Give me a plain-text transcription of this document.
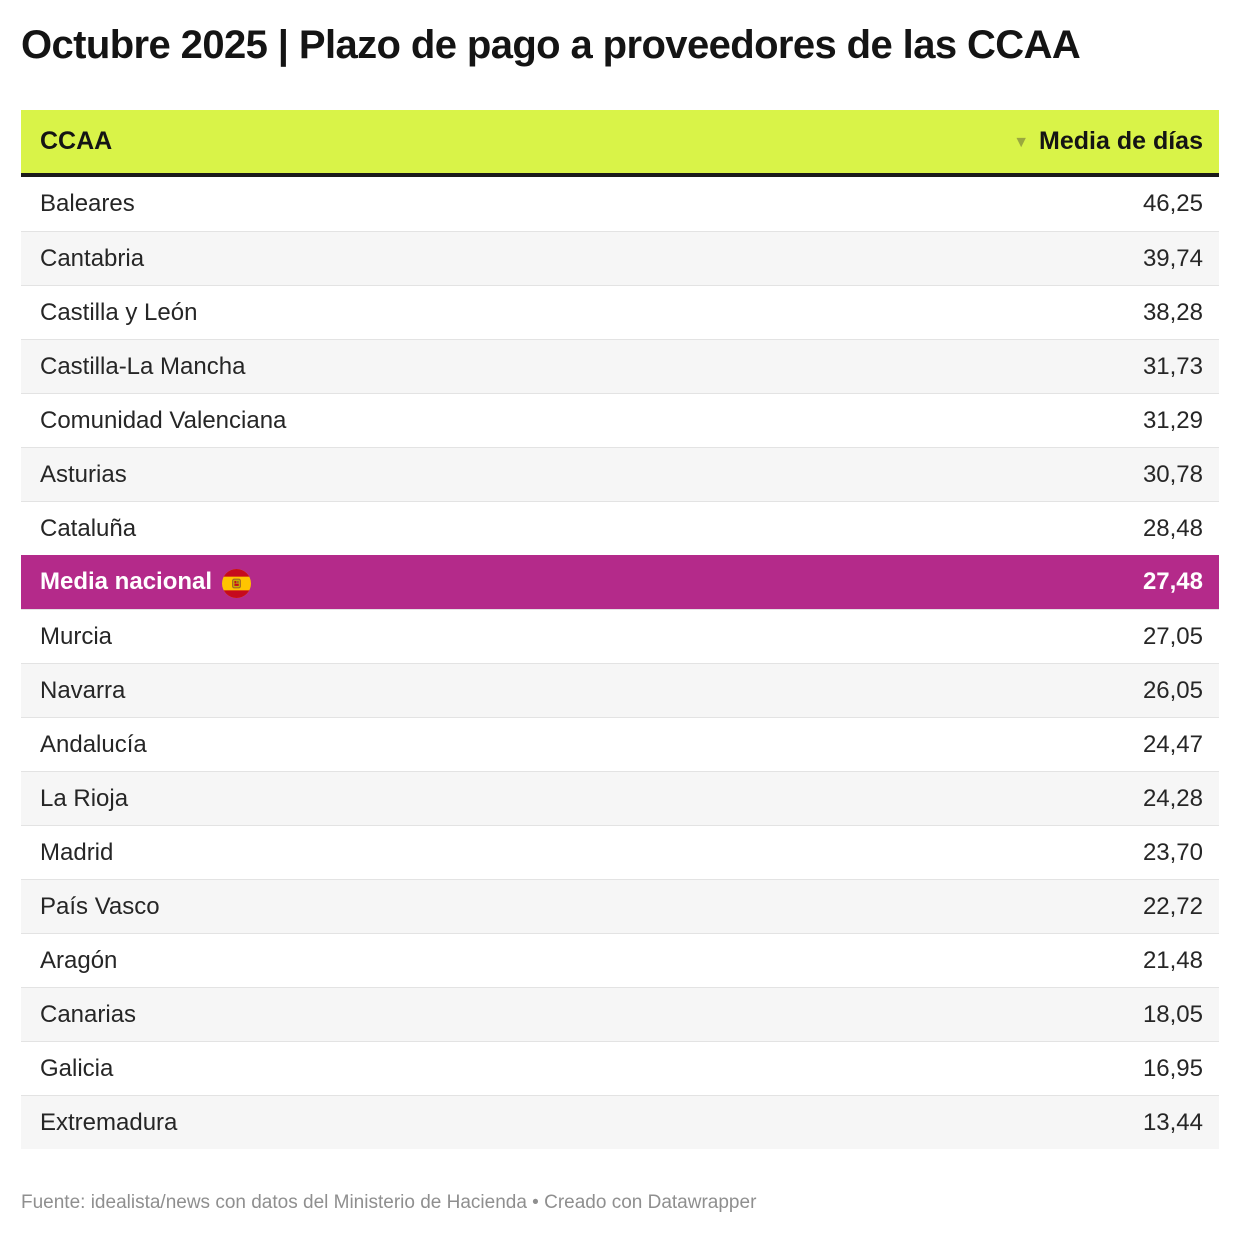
Octubre 2025 | Plazo de pago a proveedores de las CCAA
CCAA	▼ Media de días
Baleares	46,25
Cantabria	39,74
Castilla y León	38,28
Castilla-La Mancha	31,73
Comunidad Valenciana	31,29
Asturias	30,78
Cataluña	28,48
Media nacional	27,48
Murcia	27,05
Navarra	26,05
Andalucía	24,47
La Rioja	24,28
Madrid	23,70
País Vasco	22,72
Aragón	21,48
Canarias	18,05
Galicia	16,95
Extremadura	13,44
Fuente: idealista/news con datos del Ministerio de Hacienda • Creado con Datawrapper
